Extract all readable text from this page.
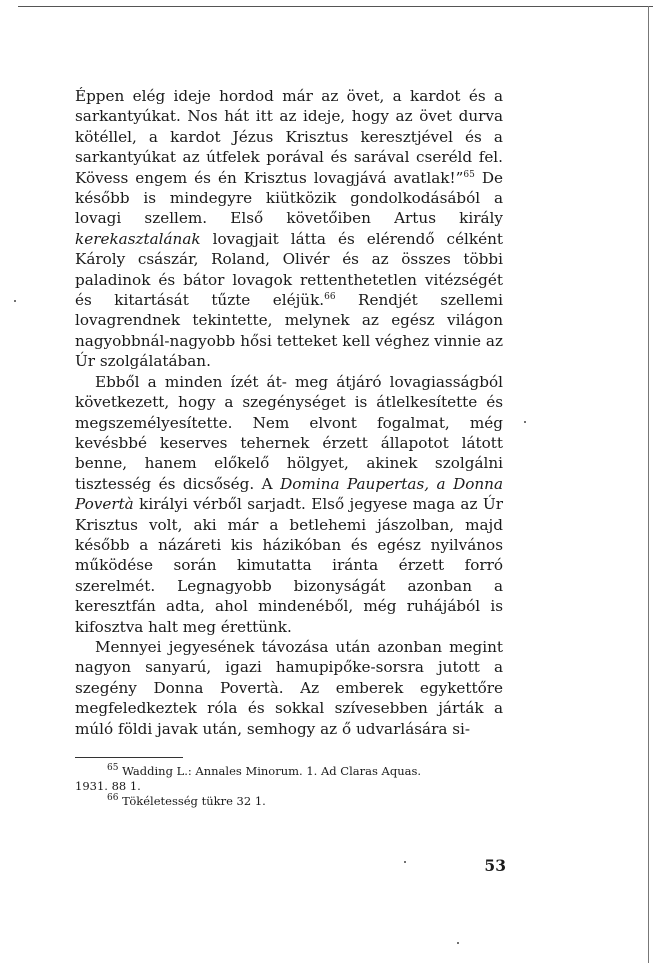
Éppen elég ideje hordod már az övet, a kardot és a sarkantyúkat. Nos hát itt az ideje, hogy az övet durva kötéllel, a kardot Jézus Krisztus keresztjével és a sarkantyúkat az útfelek porával és sarával cseréld fel. Kövess engem és én Krisztus lovagjává avatlak!”$^{65}$ De később is mindegyre kiütközik gondolkodásából a lovagi szellem. Első követőiben Artus király kerekasztalának lovagjait látta és elérendő célként Károly császár, Roland, Olivér és az összes többi paladinok és bátor lovagok rettenthetetlen vitézségét és kitartását tűzte eléjük.$^{66}$ Rendjét szellemi lovagrendnek tekintette, melynek az egész világon nagyobbnál-nagyobb hősi tetteket kell véghez vinnie az Úr szolgálatában.

Ebből a minden ízét át- meg átjáró lovagiasságból következett, hogy a szegénységet is átlelkesítette és megszemélyesítette. Nem elvont fogalmat, még kevésbbé keserves tehernek érzett állapotot látott benne, hanem előkelő hölgyet, akinek szolgálni tisztesség és dicsőség. A Domina Paupertas, a Donna Povertà királyi vérből sarjadt. Első jegyese maga az Úr Krisztus volt, aki már a betlehemi jászolban, majd később a názáreti kis házikóban és egész nyilvános működése során kimutatta iránta érzett forró szerelmét. Legnagyobb bizonyságát azonban a keresztfán adta, ahol mindenéből, még ruhájából is kifosztva halt meg érettünk.

Mennyei jegyesének távozása után azonban megint nagyon sanyarú, igazi hamupipőke-sorsra jutott a szegény Donna Povertà. Az emberek egykettőre megfeledkeztek róla és sokkal szívesebben járták a múló földi javak után, semhogy az ő udvarlására si-

$^{65}$ Wadding L.: Annales Minorum. 1. Ad Claras Aquas.

1931. 88 1.

$^{66}$ Tökéletesség tükre 32 1.

53
